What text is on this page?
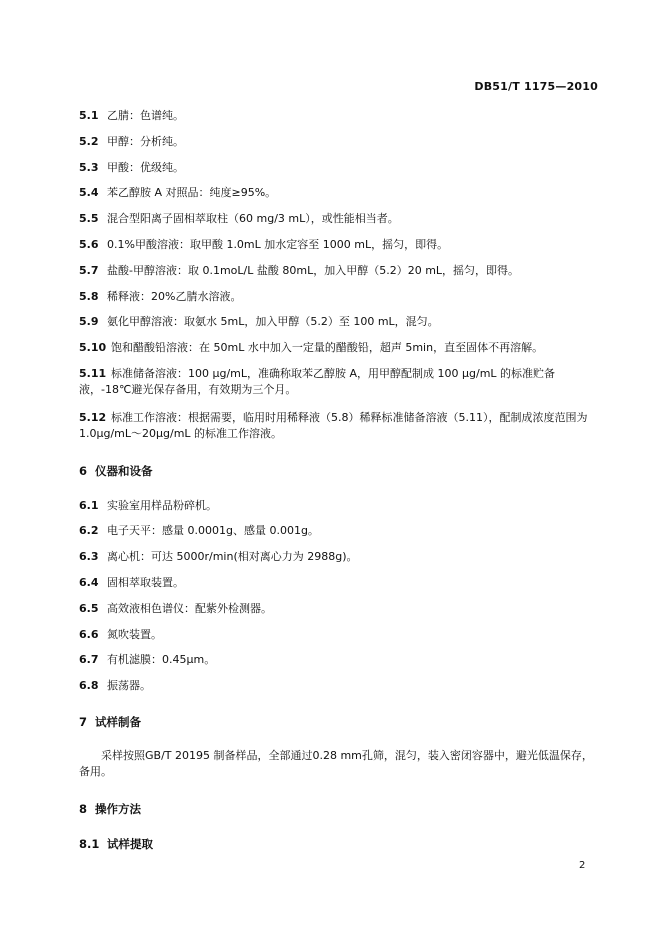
DB51/T 1175—2010
5.1 乙腈：色谱纯。
5.2 甲醇：分析纯。
5.3 甲酸：优级纯。
5.4 苯乙醇胺 A 对照品：纯度≥95%。
5.5 混合型阳离子固相萃取柱（60 mg/3 mL），或性能相当者。
5.6 0.1%甲酸溶液：取甲酸 1.0mL 加水定容至 1000 mL，摇匀，即得。
5.7 盐酸-甲醇溶液：取 0.1moL/L 盐酸 80mL，加入甲醇（5.2）20 mL，摇匀，即得。
5.8 稀释液：20%乙腈水溶液。
5.9 氨化甲醇溶液：取氨水 5mL，加入甲醇（5.2）至 100 mL，混匀。
5.10 饱和醋酸铅溶液：在 50mL 水中加入一定量的醋酸铅，超声 5min，直至固体不再溶解。
5.11 标准储备溶液：100 μg/mL，准确称取苯乙醇胺 A，用甲醇配制成 100 μg/mL 的标准贮备液，-18℃避光保存备用，有效期为三个月。
5.12 标准工作溶液：根据需要，临用时用稀释液（5.8）稀释标准储备溶液（5.11），配制成浓度范围为 1.0μg/mL～20μg/mL 的标准工作溶液。
6 仪器和设备
6.1 实验室用样品粉碎机。
6.2 电子天平：感量 0.0001g、感量 0.001g。
6.3 离心机：可达 5000r/min(相对离心力为 2988g)。
6.4 固相萃取装置。
6.5 高效液相色谱仪：配紫外检测器。
6.6 氮吹装置。
6.7 有机滤膜：0.45μm。
6.8 振荡器。
7 试样制备
采样按照GB/T 20195 制备样品，全部通过0.28 mm孔筛，混匀，装入密闭容器中，避光低温保存，备用。
8 操作方法
8.1 试样提取
2
